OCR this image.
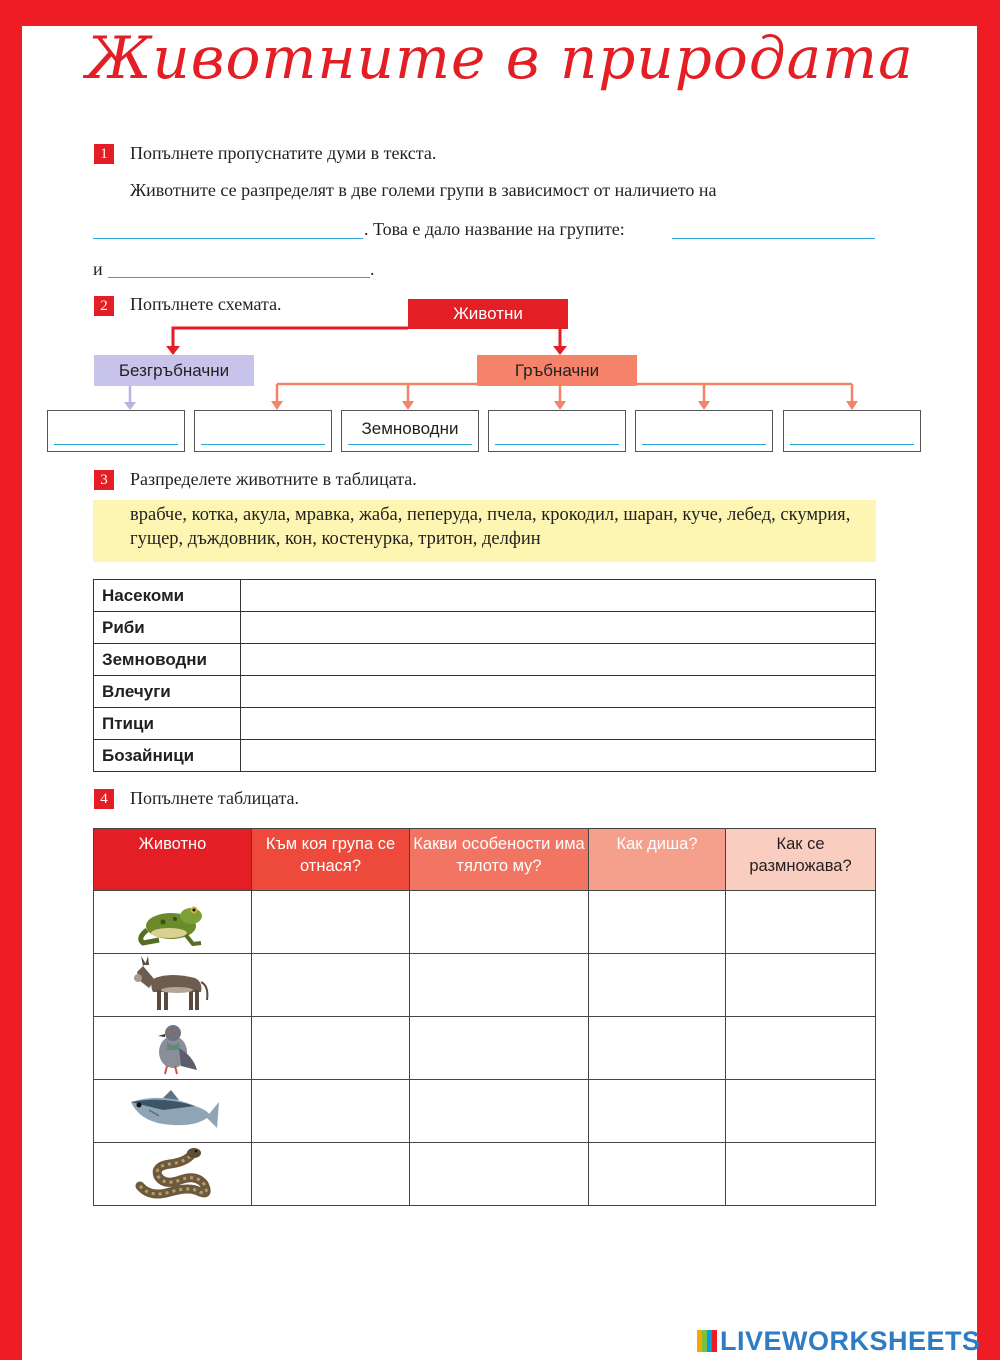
Животните в природата
1	Попълнете пропуснатите думи в текста.
Животните се разпределят в две големи групи в зависимост от наличието на
. Това е дало название на групите:
и	.
2	Попълнете схемата.	Животни
Безгръбначни	Гръбначни
Земноводни
3	Разпределете животните в таблицата.
врабче, котка, акула, мравка, жаба, пеперуда, пчела, крокодил, шаран, куче, лебед, скумрия, гущер, дъждовник, кон, костенурка, тритон, делфин
Насекоми	
Риби	
Земноводни	
Влечуги	
Птици	
Бозайници	
4	Попълнете таблицата.
Животно	Към коя група се отнася?	Какви особености има тялото му?	Как диша?	Как се размножава?

LIVEWORKSHEETS
